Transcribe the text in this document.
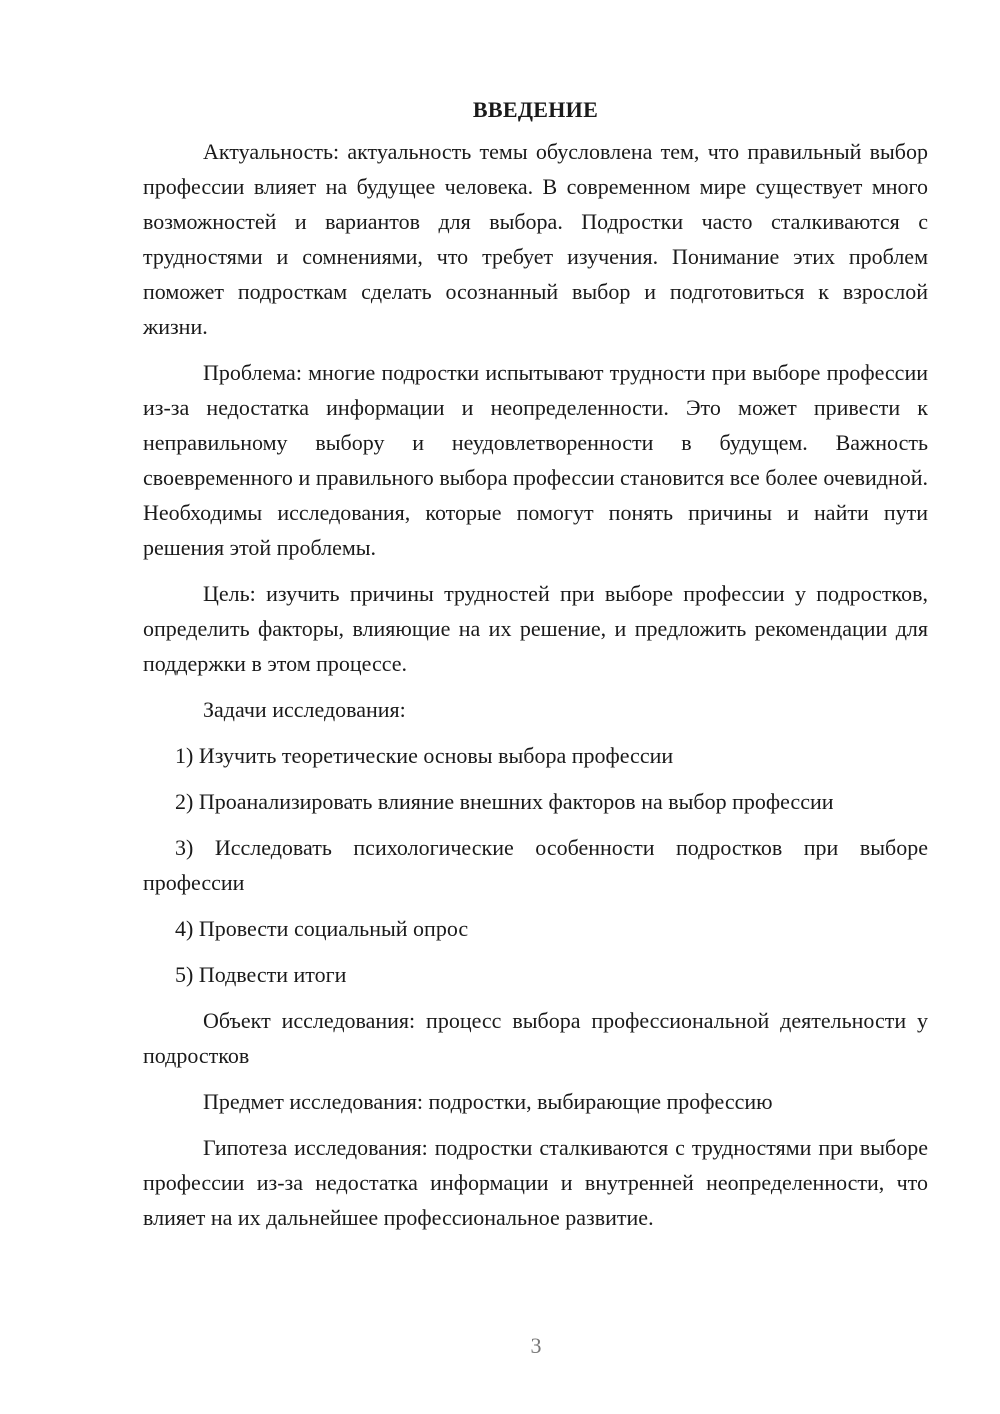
ВВЕДЕНИЕ

Актуальность: актуальность темы обусловлена тем, что правильный выбор профессии влияет на будущее человека. В современном мире существует много возможностей и вариантов для выбора. Подростки часто сталкиваются с трудностями и сомнениями, что требует изучения. Понимание этих проблем поможет подросткам сделать осознанный выбор и подготовиться к взрослой жизни.

Проблема: многие подростки испытывают трудности при выборе профессии из-за недостатка информации и неопределенности. Это может привести к неправильному выбору и неудовлетворенности в будущем. Важность своевременного и правильного выбора профессии становится все более очевидной. Необходимы исследования, которые помогут понять причины и найти пути решения этой проблемы.

Цель: изучить причины трудностей при выборе профессии у подростков, определить факторы, влияющие на их решение, и предложить рекомендации для поддержки в этом процессе.

Задачи исследования:

1) Изучить теоретические основы выбора профессии

2) Проанализировать влияние внешних факторов на выбор профессии

3) Исследовать психологические особенности подростков при выборе профессии

4) Провести социальный опрос

5) Подвести итоги

Объект исследования: процесс выбора профессиональной деятельности у подростков

Предмет исследования: подростки, выбирающие профессию

Гипотеза исследования: подростки сталкиваются с трудностями при выборе профессии из-за недостатка информации и внутренней неопределенности, что влияет на их дальнейшее профессиональное развитие.

3
